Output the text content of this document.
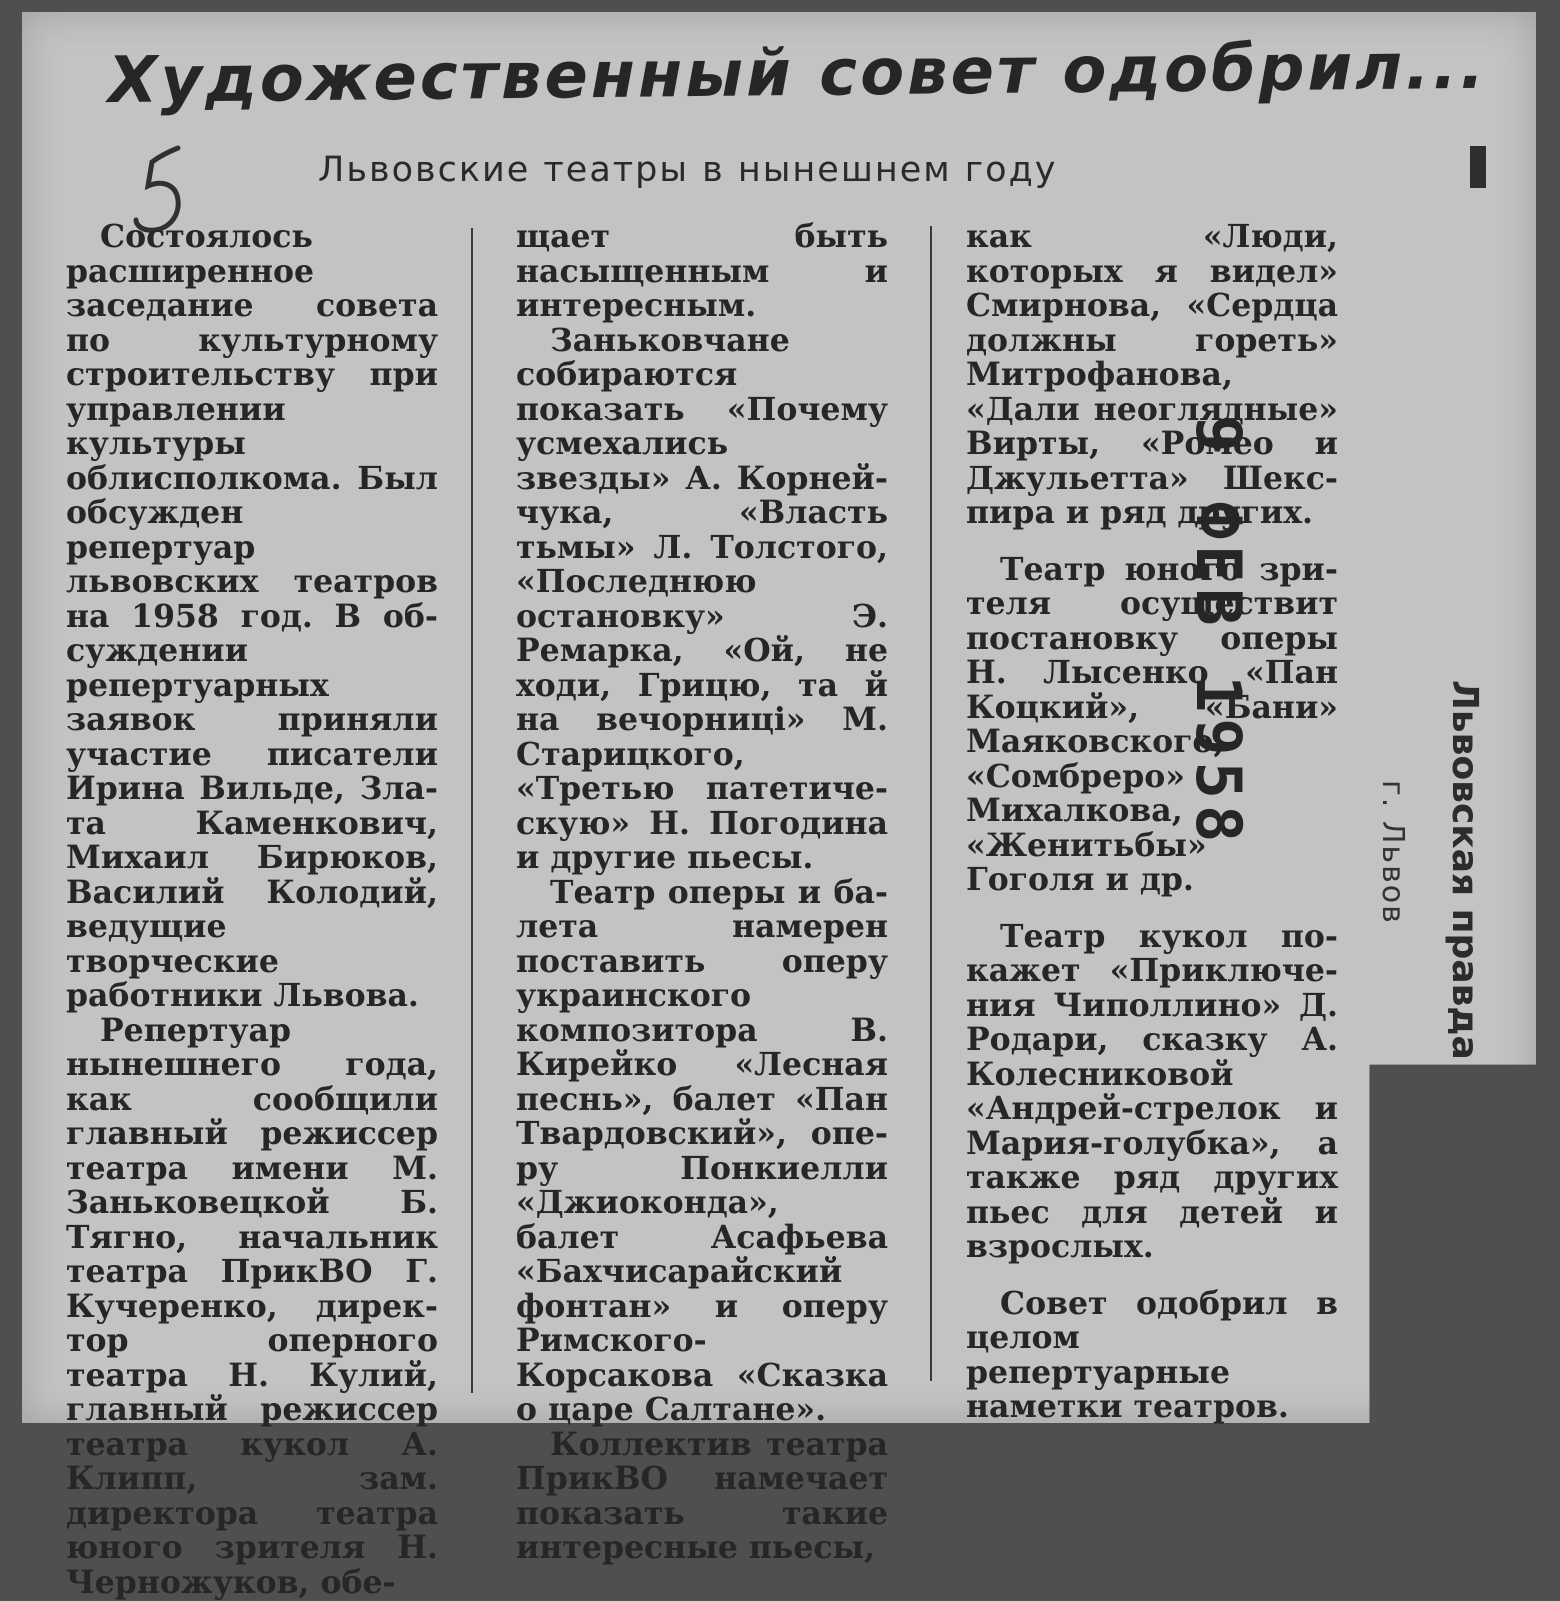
Художественный совет одобрил...
Львовские театры в нынешнем году

Состоялось расширенное заседание совета по культурному строительству при управлении культуры облисполкома. Был обсужден репертуар львовских театров на 1958 год. В обсуждении репертуарных заявок приняли участие писатели Ирина Вильде, Злата Каменкович, Михаил Бирюков, Василий Колодий, ведущие творческие работники Львова.

Репертуар нынешнего года, как сообщили главный режиссер театра имени М. Заньковецкой Б. Тягно, начальник театра ПрикВО Г. Кучеренко, директор оперного театра Н. Кулий, главный режиссер театра кукол А. Клипп, зам. директора театра юного зрителя Н. Черножуков, обе-

щает быть насыщенным и интересным.

Заньковчане собираются показать «Почему усмехались звезды» А. Корнейчука, «Власть тьмы» Л. Толстого, «Последнюю остановку» Э. Ремарка, «Ой, не ходи, Грицю, та й на вечорниці» М. Старицкого, «Третью патетическую» Н. Погодина и другие пьесы.

Театр оперы и балета намерен поставить оперу украинского композитора В. Кирейко «Лесная песнь», балет «Пан Твардовский», оперу Понкиелли «Джиоконда», балет Асафьева «Бахчисарайский фонтан» и оперу Римского-Корсакова «Сказка о царе Салтане».

Коллектив театра ПрикВО намечает показать такие интересные пьесы,

как «Люди, которых я видел» Смирнова, «Сердца должны гореть» Митрофанова, «Дали неоглядные» Вирты, «Ромео и Джульетта» Шекспира и ряд других.

Театр юного зрителя осуществит постановку оперы Н. Лысенко «Пан Коцкий», «Бани» Маяковского, «Сомбреро» Михалкова, «Женитьбы» Гоголя и др.

Театр кукол покажет «Приключения Чиполлино» Д. Родари, сказку А. Колесниковой «Андрей-стрелок и Мария-голубка», а также ряд других пьес для детей и взрослых.

Совет одобрил в целом репертуарные наметки театров.

9 ФЕВ 1958
Львовская правда
г. Львов
